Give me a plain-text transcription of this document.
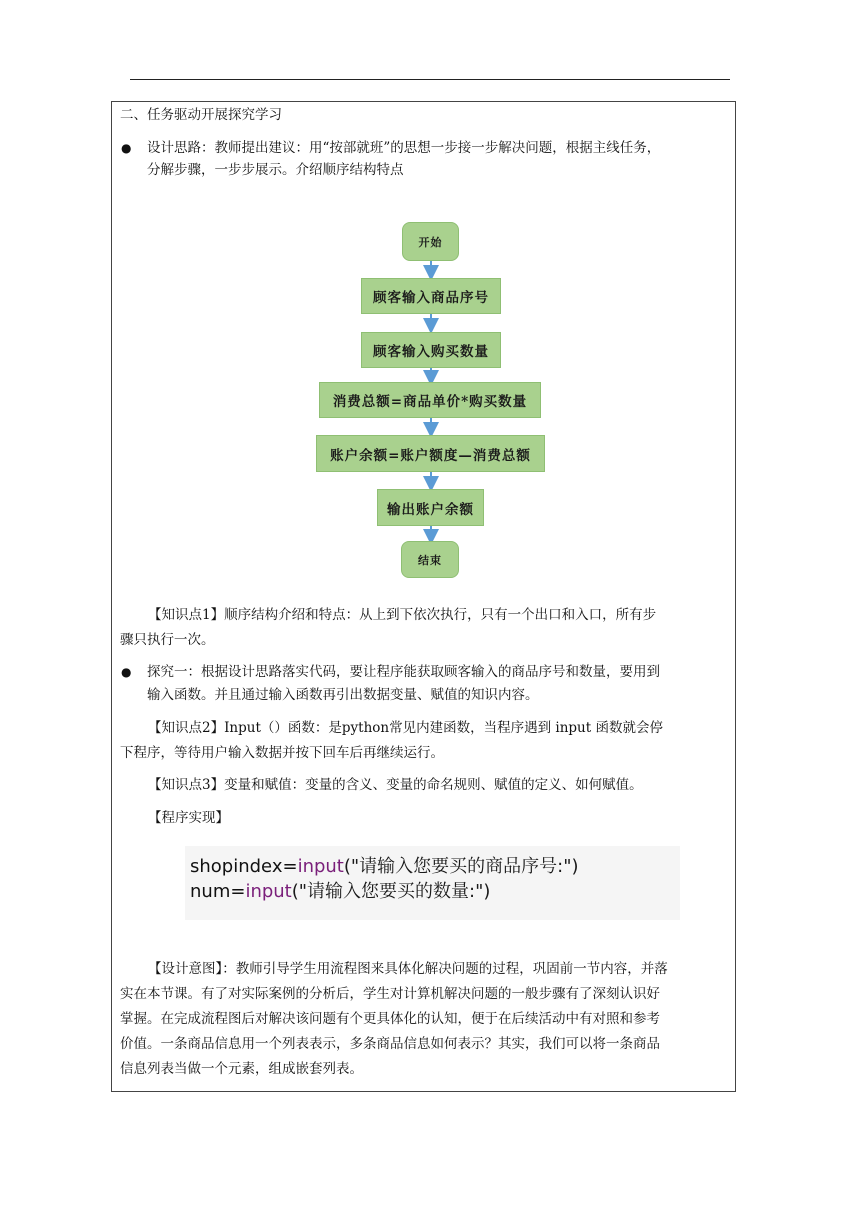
二、任务驱动开展探究学习
● 设计思路：教师提出建议：用“按部就班”的思想一步接一步解决问题，根据主线任务，
分解步骤，一步步展示。介绍顺序结构特点
开始
顾客输入商品序号
顾客输入购买数量
消费总额=商品单价*购买数量
账户余额=账户额度—消费总额
输出账户余额
结束
【知识点1】顺序结构介绍和特点：从上到下依次执行，只有一个出口和入口，所有步
骤只执行一次。
● 探究一：根据设计思路落实代码，要让程序能获取顾客输入的商品序号和数量，要用到
输入函数。并且通过输入函数再引出数据变量、赋值的知识内容。
【知识点2】Input（）函数：是python常见内建函数，当程序遇到 input 函数就会停
下程序，等待用户输入数据并按下回车后再继续运行。
【知识点3】变量和赋值：变量的含义、变量的命名规则、赋值的定义、如何赋值。
【程序实现】
shopindex=input("请输入您要买的商品序号:")
num=input("请输入您要买的数量:")
【设计意图】：教师引导学生用流程图来具体化解决问题的过程，巩固前一节内容，并落
实在本节课。有了对实际案例的分析后，学生对计算机解决问题的一般步骤有了深刻认识好
掌握。在完成流程图后对解决该问题有个更具体化的认知，便于在后续活动中有对照和参考
价值。一条商品信息用一个列表表示，多条商品信息如何表示？其实，我们可以将一条商品
信息列表当做一个元素，组成嵌套列表。
